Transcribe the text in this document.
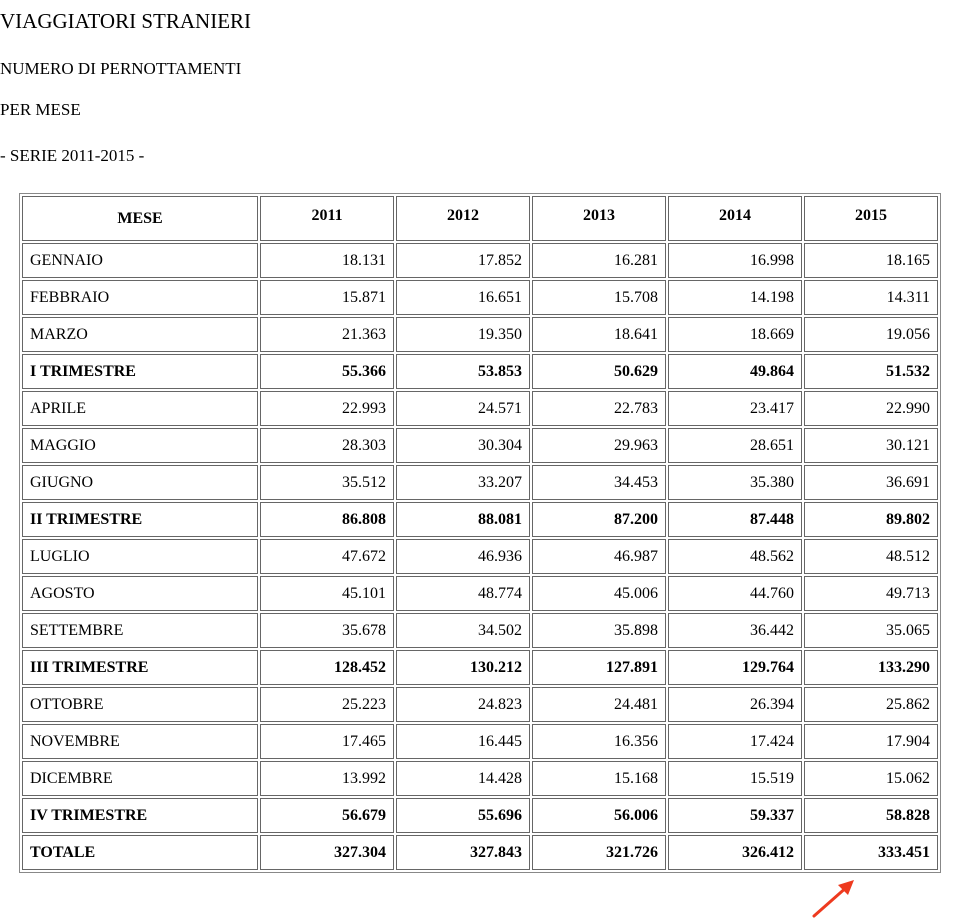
VIAGGIATORI STRANIERI
NUMERO DI PERNOTTAMENTI
PER MESE
- SERIE 2011-2015 -
MESE	2011	2012	2013	2014	2015
GENNAIO	18.131	17.852	16.281	16.998	18.165
FEBBRAIO	15.871	16.651	15.708	14.198	14.311
MARZO	21.363	19.350	18.641	18.669	19.056
I TRIMESTRE	55.366	53.853	50.629	49.864	51.532
APRILE	22.993	24.571	22.783	23.417	22.990
MAGGIO	28.303	30.304	29.963	28.651	30.121
GIUGNO	35.512	33.207	34.453	35.380	36.691
II TRIMESTRE	86.808	88.081	87.200	87.448	89.802
LUGLIO	47.672	46.936	46.987	48.562	48.512
AGOSTO	45.101	48.774	45.006	44.760	49.713
SETTEMBRE	35.678	34.502	35.898	36.442	35.065
III TRIMESTRE	128.452	130.212	127.891	129.764	133.290
OTTOBRE	25.223	24.823	24.481	26.394	25.862
NOVEMBRE	17.465	16.445	16.356	17.424	17.904
DICEMBRE	13.992	14.428	15.168	15.519	15.062
IV TRIMESTRE	56.679	55.696	56.006	59.337	58.828
TOTALE	327.304	327.843	321.726	326.412	333.451
